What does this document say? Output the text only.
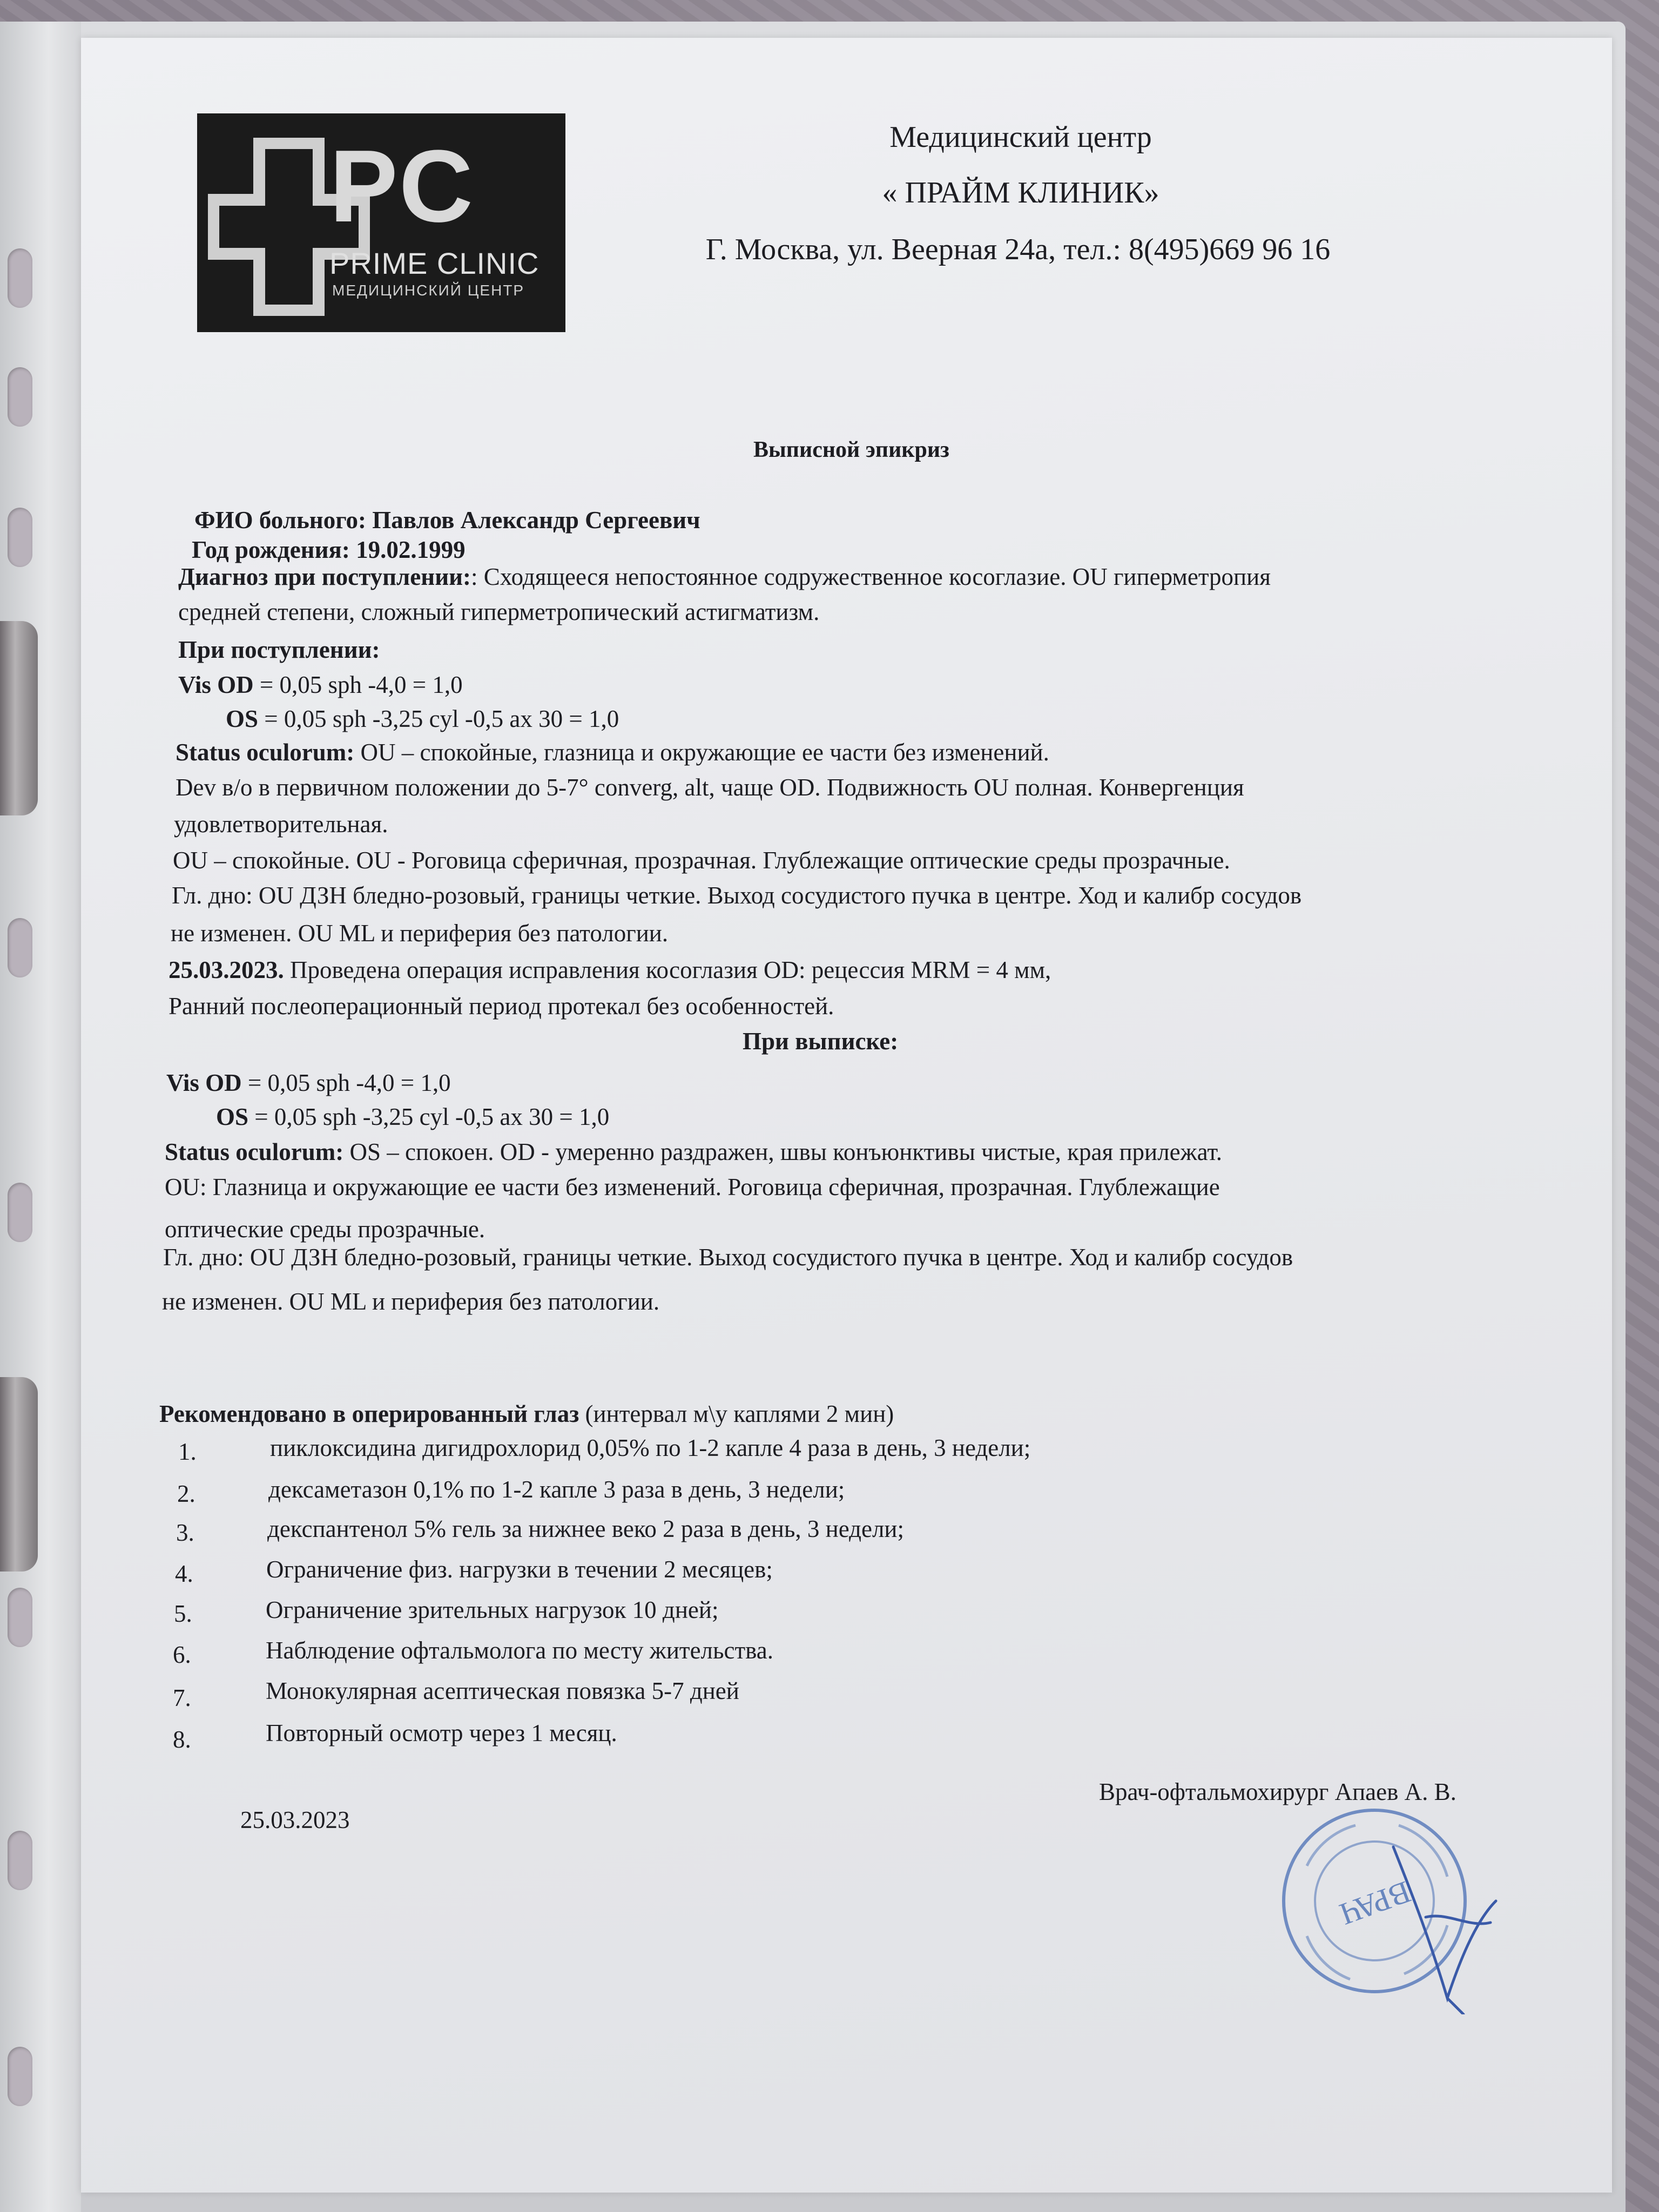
PC
PRIME CLINIC
МЕДИЦИНСКИЙ ЦЕНТР
Медицинский центр
« ПРАЙМ КЛИНИК»
Г. Москва, ул. Веерная 24а, тел.: 8(495)669 96 16
Выписной эпикриз
ФИО больного: Павлов Александр Сергеевич
Год рождения: 19.02.1999
Диагноз при поступлении:: Сходящееся непостоянное содружественное косоглазие. OU гиперметропия
средней степени, сложный гиперметропический астигматизм.
При поступлении:
Vis OD = 0,05 sph -4,0 = 1,0
OS = 0,05 sph -3,25 cyl -0,5 ax 30 = 1,0
Status oculorum: OU – спокойные, глазница и окружающие ее части без изменений.
Dev в/о в первичном положении до 5-7° converg, alt, чаще OD. Подвижность OU полная. Конвергенция
удовлетворительная.
OU – спокойные. OU - Роговица сферичная, прозрачная. Глублежащие оптические среды прозрачные.
Гл. дно: OU ДЗН бледно-розовый, границы четкие. Выход сосудистого пучка в центре. Ход и калибр сосудов
не изменен. OU ML и периферия без патологии.
25.03.2023. Проведена операция исправления косоглазия OD: рецессия MRM = 4 мм,
Ранний послеоперационный период протекал без особенностей.
При выписке:
Vis OD = 0,05 sph -4,0 = 1,0
OS = 0,05 sph -3,25 cyl -0,5 ax 30 = 1,0
Status oculorum: OS – спокоен. OD - умеренно раздражен, швы конъюнктивы чистые, края прилежат.
OU: Глазница и окружающие ее части без изменений. Роговица сферичная, прозрачная. Глублежащие
оптические среды прозрачные.
Гл. дно: OU ДЗН бледно-розовый, границы четкие. Выход сосудистого пучка в центре. Ход и калибр сосудов
не изменен. OU ML и периферия без патологии.
Рекомендовано в оперированный глаз (интервал м\у каплями 2 мин)
1.	пиклоксидина дигидрохлорид 0,05% по 1-2 капле 4 раза в день, 3 недели;
2.	дексаметазон 0,1% по 1-2 капле 3 раза в день, 3 недели;
3.	декспантенол 5% гель за нижнее веко 2 раза в день, 3 недели;
4.	Ограничение физ. нагрузки в течении 2 месяцев;
5.	Ограничение зрительных нагрузок 10 дней;
6.	Наблюдение офтальмолога по месту жительства.
7.	Монокулярная асептическая повязка 5-7 дней
8.	Повторный осмотр через 1 месяц.
Врач-офтальмохирург Апаев А. В.
25.03.2023
ВРАЧ
